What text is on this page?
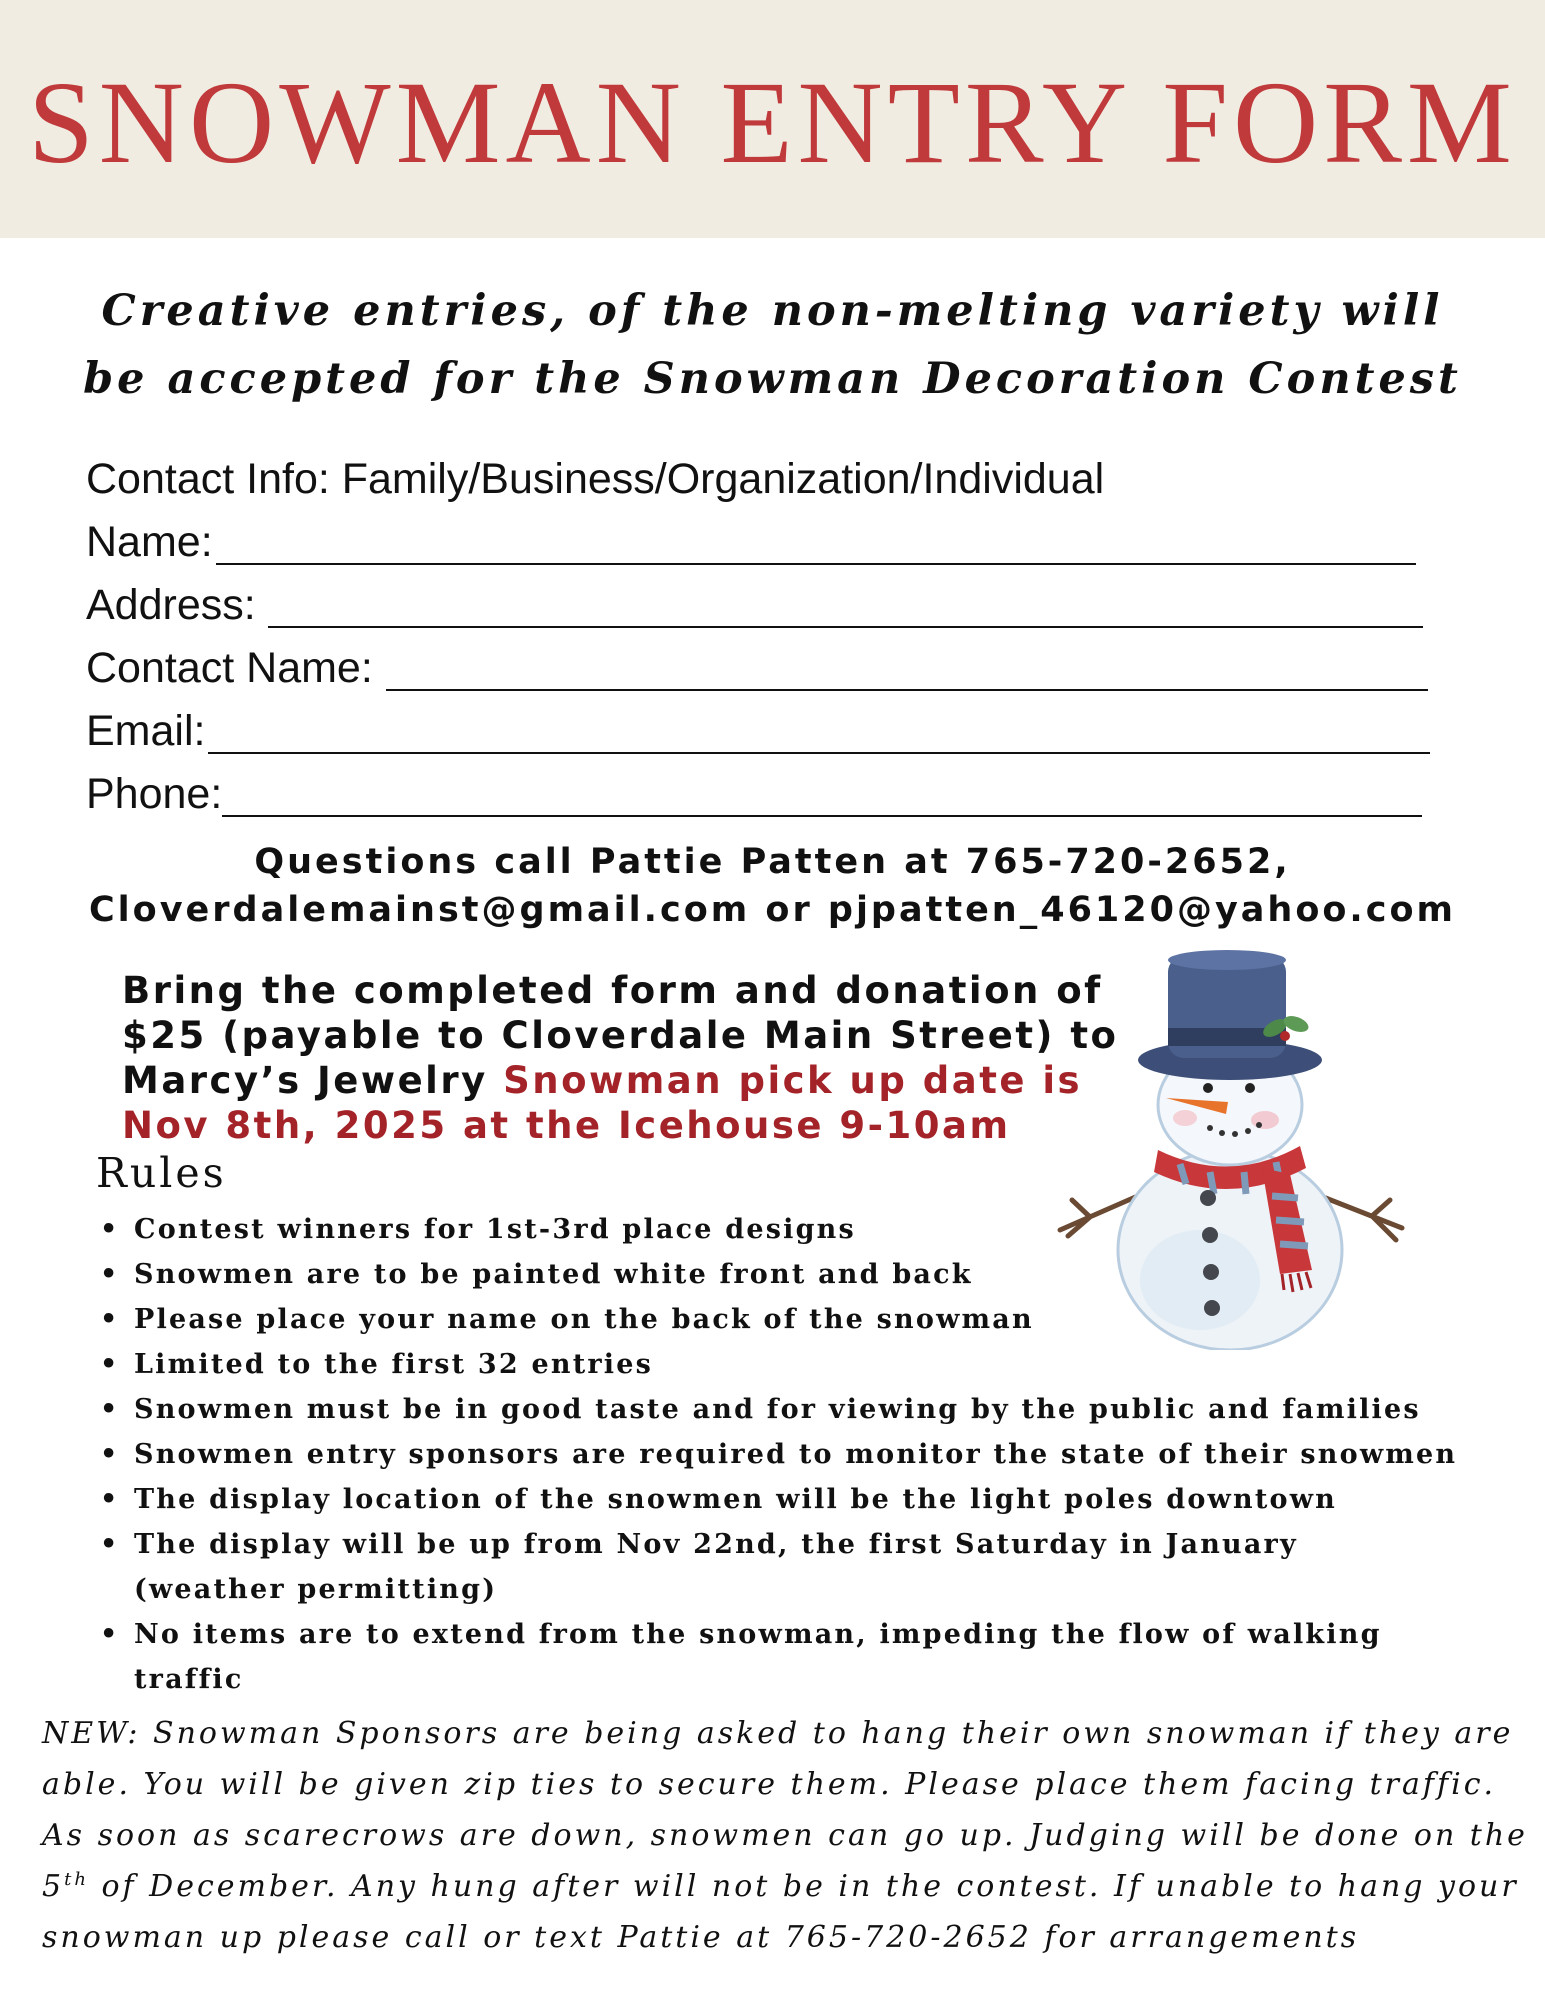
SNOWMAN ENTRY FORM
Creative entries, of the non-melting variety will
be accepted for the Snowman Decoration Contest
Contact Info: Family/Business/Organization/Individual
Name:
Address:
Contact Name:
Email:
Phone:
Questions call Pattie Patten at 765-720-2652,
Cloverdalemainst@gmail.com or pjpatten_46120@yahoo.com
Bring the completed form and donation of
$25 (payable to Cloverdale Main Street) to
Marcy’s Jewelry Snowman pick up date is
Nov 8th, 2025 at the Icehouse 9-10am
Rules
• Contest winners for 1st-3rd place designs
• Snowmen are to be painted white front and back
• Please place your name on the back of the snowman
• Limited to the first 32 entries
• Snowmen must be in good taste and for viewing by the public and families
• Snowmen entry sponsors are required to monitor the state of their snowmen
• The display location of the snowmen will be the light poles downtown
• The display will be up from Nov 22nd, the first Saturday in January
(weather permitting)
• No items are to extend from the snowman, impeding the flow of walking
traffic
NEW: Snowman Sponsors are being asked to hang their own snowman if they are
able. You will be given zip ties to secure them. Please place them facing traffic.
As soon as scarecrows are down, snowmen can go up. Judging will be done on the
5th of December. Any hung after will not be in the contest. If unable to hang your
snowman up please call or text Pattie at 765-720-2652 for arrangements
